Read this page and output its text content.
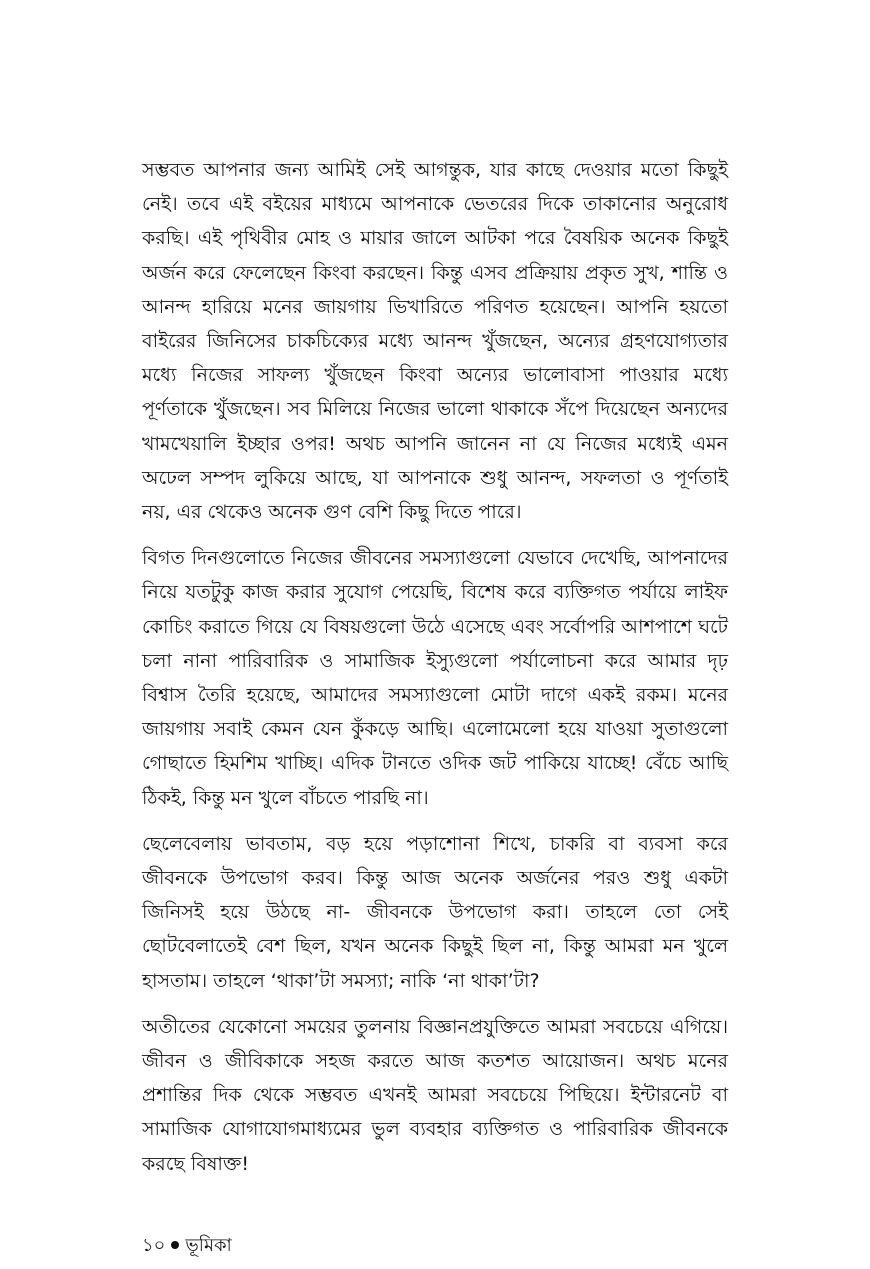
সম্ভবত আপনার জন্য আমিই সেই আগন্তুক, যার কাছে দেওয়ার মতো কিছুই নেই। তবে এই বইয়ের মাধ্যমে আপনাকে ভেতরের দিকে তাকানোর অনুরোধ করছি। এই পৃথিবীর মোহ ও মায়ার জালে আটকা পরে বৈষয়িক অনেক কিছুই অর্জন করে ফেলেছেন কিংবা করছেন। কিন্তু এসব প্রক্রিয়ায় প্রকৃত সুখ, শান্তি ও আনন্দ হারিয়ে মনের জায়গায় ভিখারিতে পরিণত হয়েছেন। আপনি হয়তো বাইরের জিনিসের চাকচিক্যের মধ্যে আনন্দ খুঁজছেন, অন্যের গ্রহণযোগ্যতার মধ্যে নিজের সাফল্য খুঁজছেন কিংবা অন্যের ভালোবাসা পাওয়ার মধ্যে পূর্ণতাকে খুঁজছেন। সব মিলিয়ে নিজের ভালো থাকাকে সঁপে দিয়েছেন অন্যদের খামখেয়ালি ইচ্ছার ওপর! অথচ আপনি জানেন না যে নিজের মধ্যেই এমন অঢেল সম্পদ লুকিয়ে আছে, যা আপনাকে শুধু আনন্দ, সফলতা ও পূর্ণতাই নয়, এর থেকেও অনেক গুণ বেশি কিছু দিতে পারে।

বিগত দিনগুলোতে নিজের জীবনের সমস্যাগুলো যেভাবে দেখেছি, আপনাদের নিয়ে যতটুকু কাজ করার সুযোগ পেয়েছি, বিশেষ করে ব্যক্তিগত পর্যায়ে লাইফ কোচিং করাতে গিয়ে যে বিষয়গুলো উঠে এসেছে এবং সর্বোপরি আশপাশে ঘটে চলা নানা পারিবারিক ও সামাজিক ইস্যুগুলো পর্যালোচনা করে আমার দৃঢ় বিশ্বাস তৈরি হয়েছে, আমাদের সমস্যাগুলো মোটা দাগে একই রকম। মনের জায়গায় সবাই কেমন যেন কুঁকড়ে আছি। এলোমেলো হয়ে যাওয়া সুতাগুলো গোছাতে হিমশিম খাচ্ছি। এদিক টানতে ওদিক জট পাকিয়ে যাচ্ছে! বেঁচে আছি ঠিকই, কিন্তু মন খুলে বাঁচতে পারছি না।

ছেলেবেলায় ভাবতাম, বড় হয়ে পড়াশোনা শিখে, চাকরি বা ব্যবসা করে জীবনকে উপভোগ করব। কিন্তু আজ অনেক অর্জনের পরও শুধু একটা জিনিসই হয়ে উঠছে না- জীবনকে উপভোগ করা। তাহলে তো সেই ছোটবেলাতেই বেশ ছিল, যখন অনেক কিছুই ছিল না, কিন্তু আমরা মন খুলে হাসতাম। তাহলে ‘থাকা’টা সমস্যা; নাকি ‘না থাকা’টা?

অতীতের যেকোনো সময়ের তুলনায় বিজ্ঞানপ্রযুক্তিতে আমরা সবচেয়ে এগিয়ে। জীবন ও জীবিকাকে সহজ করতে আজ কতশত আয়োজন। অথচ মনের প্রশান্তির দিক থেকে সম্ভবত এখনই আমরা সবচেয়ে পিছিয়ে। ইন্টারনেট বা সামাজিক যোগাযোগমাধ্যমের ভুল ব্যবহার ব্যক্তিগত ও পারিবারিক জীবনকে করছে বিষাক্ত!

১০ ভূমিকা
